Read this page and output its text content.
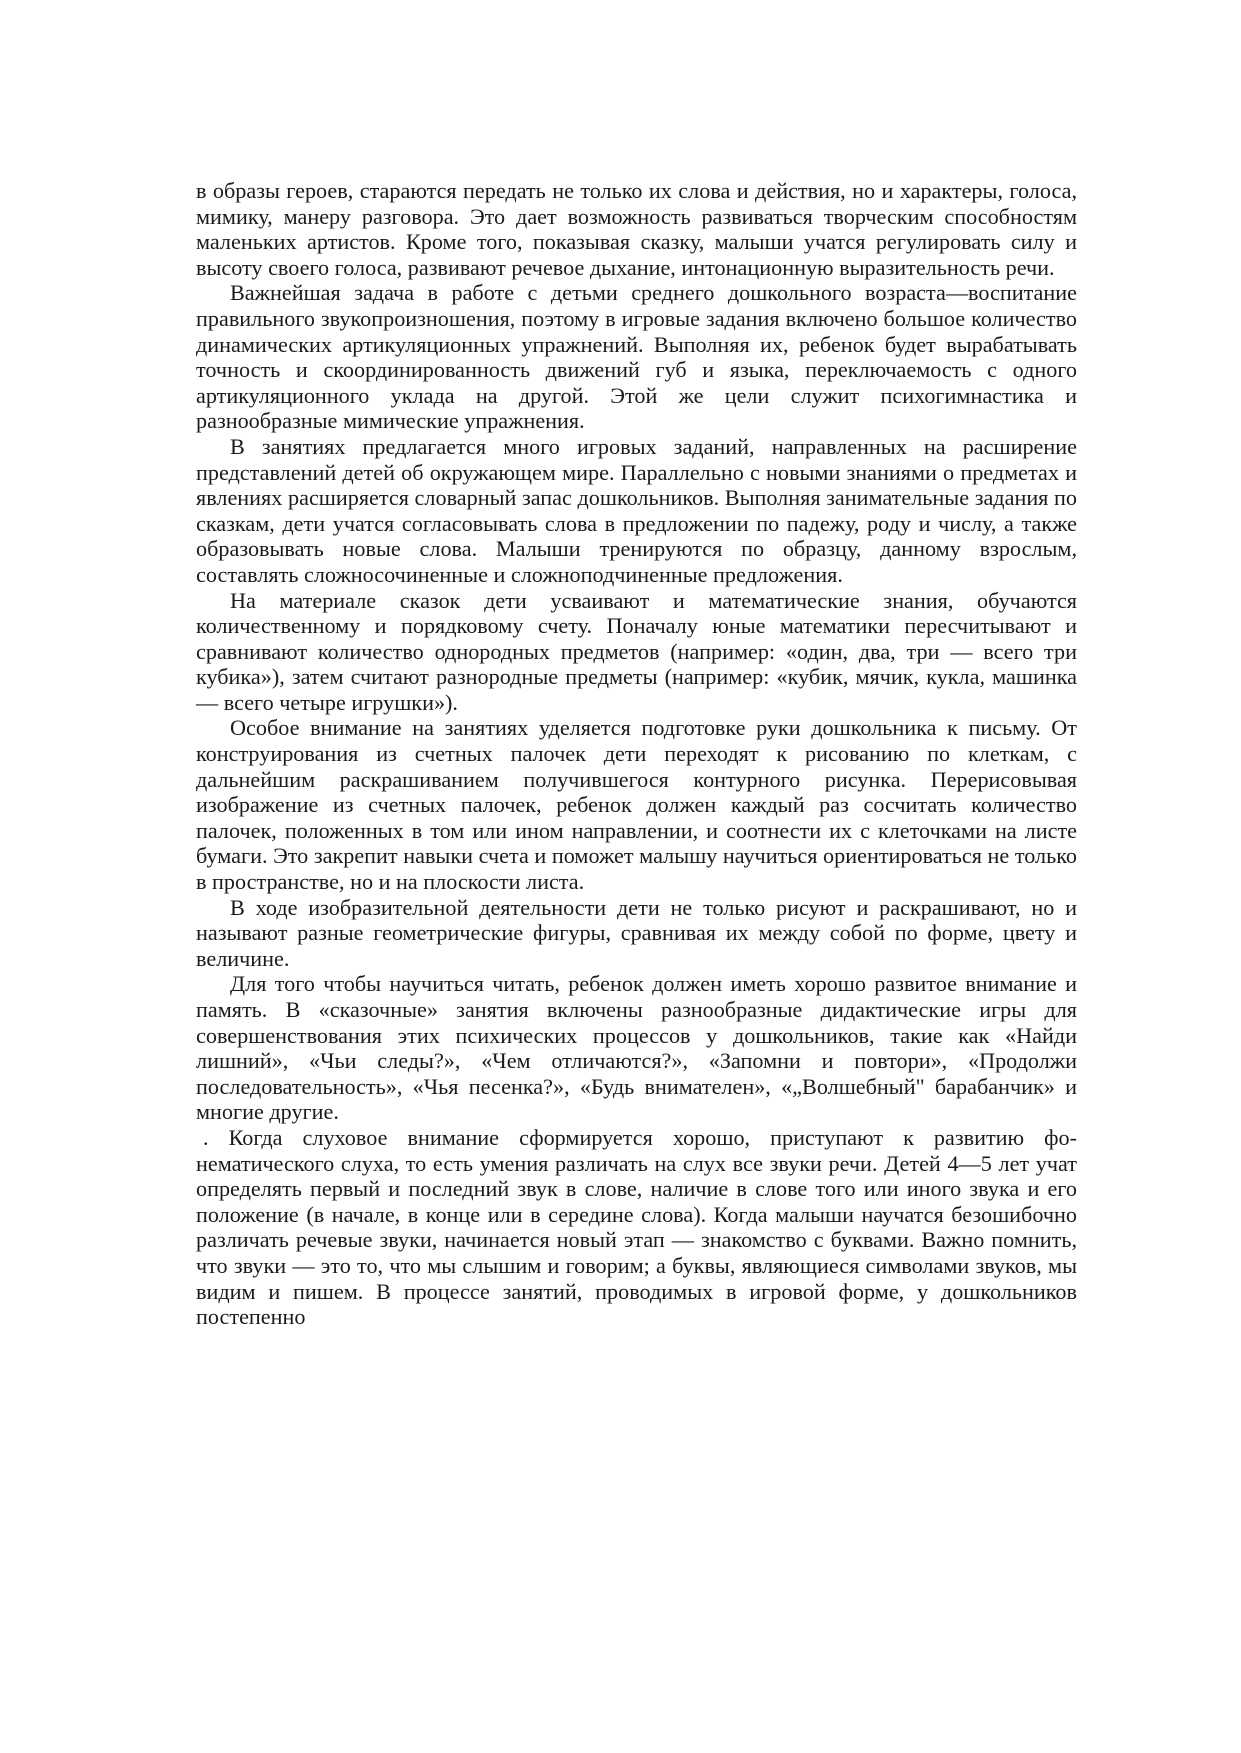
в образы героев, стараются передать не только их слова и действия, но и характеры, голоса, мимику, манеру разговора. Это дает возможность развиваться творческим способностям маленьких артистов. Кроме того, показывая сказку, малыши учатся регулировать силу и высоту своего голоса, развивают речевое дыхание, интонационную выразительность речи.

Важнейшая задача в работе с детьми среднего дошкольного возраста—воспитание правильного звукопроизношения, поэтому в игровые задания включено большое количество динамических артикуляционных упражнений. Выполняя их, ребенок будет вырабатывать точность и скоординированность движений губ и языка, переключаемость с одного артикуляционного уклада на другой. Этой же цели служит психогимнастика и разнообразные мимические упражнения.

В занятиях предлагается много игровых заданий, направленных на расширение представлений детей об окружающем мире. Параллельно с новыми знаниями о предметах и явлениях расширяется словарный запас дошкольников. Выполняя занимательные задания по сказкам, дети учатся согласовывать слова в предложении по падежу, роду и числу, а также образовывать новые слова. Малыши тренируются по образцу, данному взрослым, составлять сложносочиненные и сложноподчиненные предложения.

На материале сказок дети усваивают и математические знания, обучаются количественному и порядковому счету. Поначалу юные математики пересчитывают и сравнивают количество однородных предметов (например: «один, два, три — всего три кубика»), затем считают разнородные предметы (например: «кубик, мячик, кукла, машинка — всего четыре игрушки»).

Особое внимание на занятиях уделяется подготовке руки дошкольника к письму. От конструирования из счетных палочек дети переходят к рисованию по клеткам, с дальнейшим раскрашиванием получившегося контурного рисунка. Перерисовывая изображение из счетных палочек, ребенок должен каждый раз сосчитать количество палочек, положенных в том или ином направлении, и соотнести их с клеточками на листе бумаги. Это закрепит навыки счета и поможет малышу научиться ориентироваться не только в пространстве, но и на плоскости листа.

В ходе изобразительной деятельности дети не только рисуют и раскрашивают, но и называют разные геометрические фигуры, сравнивая их между собой по форме, цвету и величине.

Для того чтобы научиться читать, ребенок должен иметь хорошо развитое внимание и память. В «сказочные» занятия включены разнообразные дидактические игры для совершенствования этих психических процессов у дошкольников, такие как «Найди лишний», «Чьи следы?», «Чем отличаются?», «Запомни и повтори», «Продолжи последовательность», «Чья песенка?», «Будь внимателен», «„Волшебный" барабанчик» и многие другие.

. Когда слуховое внимание сформируется хорошо, приступают к развитию фонематического слуха, то есть умения различать на слух все звуки речи. Детей 4—5 лет учат определять первый и последний звук в слове, наличие в слове того или иного звука и его положение (в начале, в конце или в середине слова). Когда малыши научатся безошибочно различать речевые звуки, начинается новый этап — знакомство с буквами. Важно помнить, что звуки — это то, что мы слышим и говорим; а буквы, являющиеся символами звуков, мы видим и пишем. В процессе занятий, проводимых в игровой форме, у дошкольников постепенно
